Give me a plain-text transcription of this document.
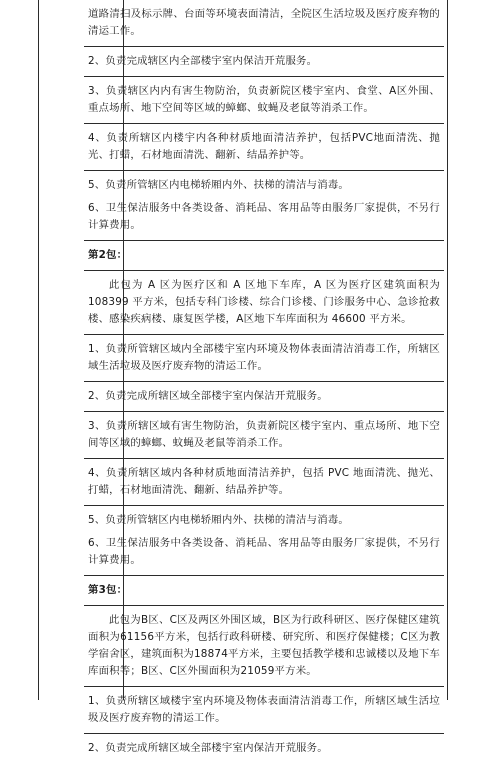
道路清扫及标示牌、台面等环境表面清洁，全院区生活垃圾及医疗废弃物的清运工作。

2、负责完成辖区内全部楼宇室内保洁开荒服务。

3、负责辖区内内有害生物防治，负责新院区楼宇室内、食堂、A区外围、重点场所、地下空间等区域的蟑螂、蚊蝇及老鼠等消杀工作。

4、负责所辖区内楼宇内各种材质地面清洁养护，包括PVC地面清洗、抛光、打蜡，石材地面清洗、翻新、结晶养护等。

5、负责所管辖区内电梯轿厢内外、扶梯的清洁与消毒。

6、卫生保洁服务中各类设备、消耗品、客用品等由服务厂家提供，不另行计算费用。

第2包：

此包为 A 区为医疗区和 A 区地下车库，A 区为医疗区建筑面积为 108399 平方米，包括专科门诊楼、综合门诊楼、门诊服务中心、急诊抢救楼、感染疾病楼、康复医学楼，A区地下车库面积为 46600 平方米。

1、负责所管辖区域内全部楼宇室内环境及物体表面清洁消毒工作，所辖区域生活垃圾及医疗废弃物的清运工作。

2、负责完成所辖区域全部楼宇室内保洁开荒服务。

3、负责所辖区域有害生物防治，负责新院区楼宇室内、重点场所、地下空间等区域的蟑螂、蚊蝇及老鼠等消杀工作。

4、负责所辖区域内各种材质地面清洁养护，包括 PVC 地面清洗、抛光、打蜡，石材地面清洗、翻新、结晶养护等。

5、负责所管辖区内电梯轿厢内外、扶梯的清洁与消毒。

6、卫生保洁服务中各类设备、消耗品、客用品等由服务厂家提供，不另行计算费用。

第3包：

此包为B区、C区及两区外围区域，B区为行政科研区、医疗保健区建筑面积为61156平方米，包括行政科研楼、研究所、和医疗保健楼；C区为教学宿舍区，建筑面积为18874平方米，主要包括教学楼和忠诚楼以及地下车库面积等；B区、C区外围面积为21059平方米。

1、负责所辖区域楼宇室内环境及物体表面清洁消毒工作，所辖区域生活垃圾及医疗废弃物的清运工作。

2、负责完成所辖区域全部楼宇室内保洁开荒服务。
